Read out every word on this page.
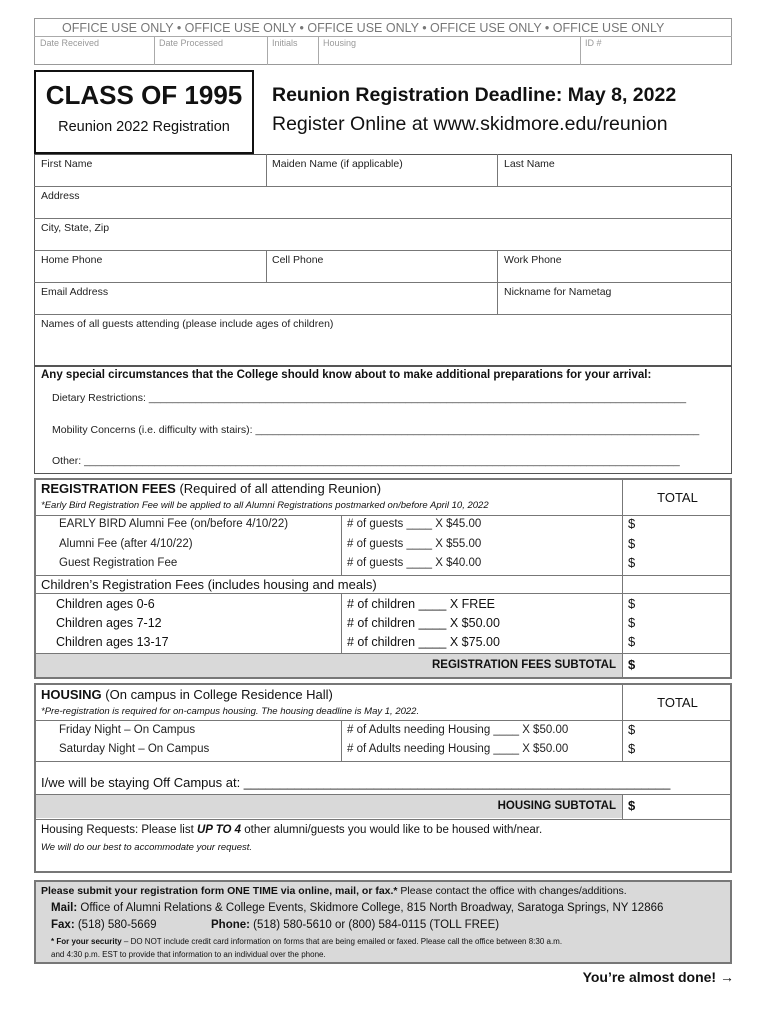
OFFICE USE ONLY • OFFICE USE ONLY • OFFICE USE ONLY • OFFICE USE ONLY • OFFICE USE ONLY
Date Received	Date Processed	Initials	Housing	ID #
CLASS OF 1995
Reunion 2022 Registration
Reunion Registration Deadline: May 8, 2022
Register Online at www.skidmore.edu/reunion
First Name	Maiden Name (if applicable)	Last Name
Address
City, State, Zip
Home Phone	Cell Phone	Work Phone
Email Address	Nickname for Nametag
Names of all guests attending (please include ages of children)
Any special circumstances that the College should know about to make additional preparations for your arrival:
Dietary Restrictions: ____________________________________________________________________________________________
Mobility Concerns (i.e. difficulty with stairs): ____________________________________________________________________________
Other: ______________________________________________________________________________________________________
REGISTRATION FEES (Required of all attending Reunion)
*Early Bird Registration Fee will be applied to all Alumni Registrations postmarked on/before April 10, 2022
TOTAL
EARLY BIRD Alumni Fee (on/before 4/10/22)	# of guests ____ X $45.00	$
Alumni Fee (after 4/10/22)	# of guests ____ X $55.00	$
Guest Registration Fee	# of guests ____ X $40.00	$
Children’s Registration Fees (includes housing and meals)
Children ages 0-6	# of children ____ X FREE	$
Children ages 7-12	# of children ____ X $50.00	$
Children ages 13-17	# of children ____ X $75.00	$
REGISTRATION FEES SUBTOTAL $
HOUSING (On campus in College Residence Hall)
*Pre-registration is required for on-campus housing. The housing deadline is May 1, 2022.
TOTAL
Friday Night – On Campus	# of Adults needing Housing ____ X $50.00	$
Saturday Night – On Campus	# of Adults needing Housing ____ X $50.00	$
I/we will be staying Off Campus at: ___________________________________________________________
HOUSING SUBTOTAL $
Housing Requests: Please list UP TO 4 other alumni/guests you would like to be housed with/near.
We will do our best to accommodate your request.
Please submit your registration form ONE TIME via online, mail, or fax.* Please contact the office with changes/additions.
Mail: Office of Alumni Relations & College Events, Skidmore College, 815 North Broadway, Saratoga Springs, NY 12866
Fax: (518) 580-5669	Phone: (518) 580-5610 or (800) 584-0115 (TOLL FREE)
* For your security – DO NOT include credit card information on forms that are being emailed or faxed. Please call the office between 8:30 a.m.
and 4:30 p.m. EST to provide that information to an individual over the phone.
You’re almost done! →
